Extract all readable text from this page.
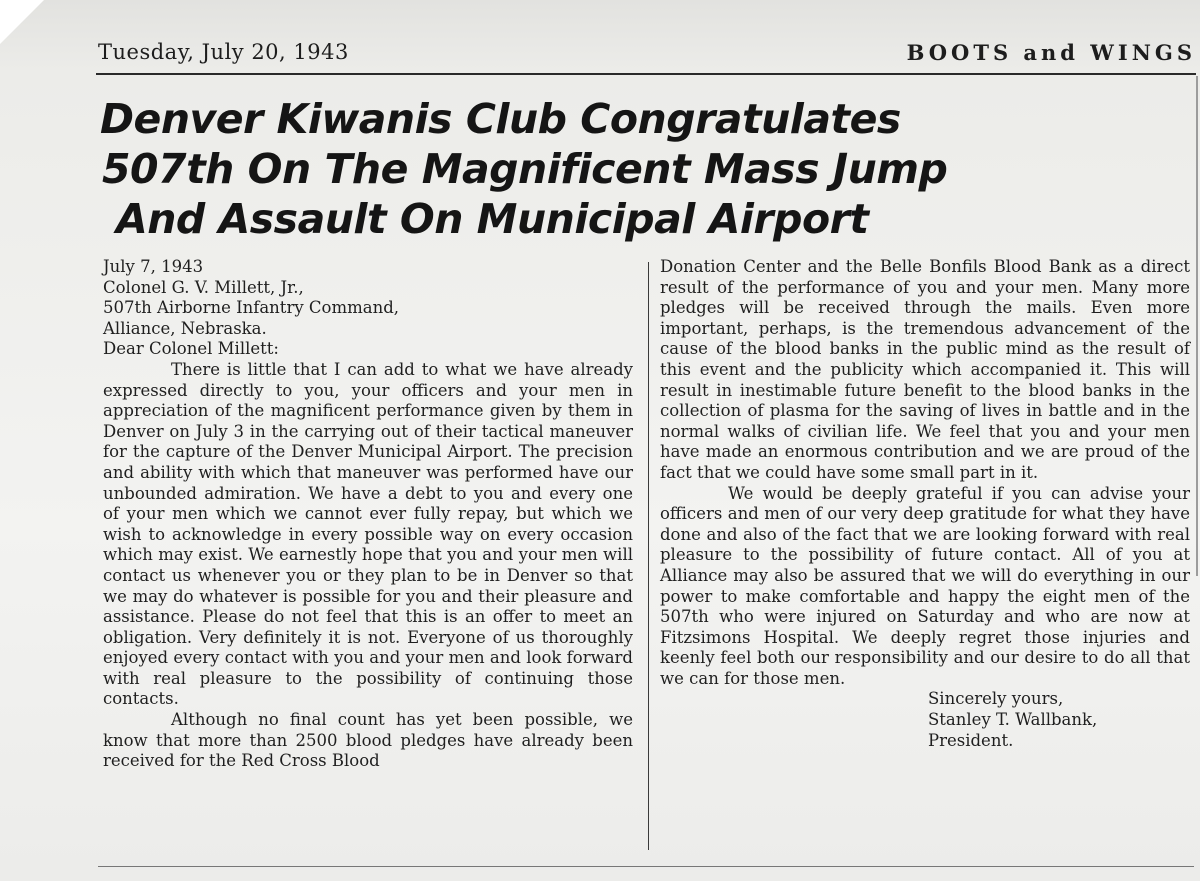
Tuesday, July 20, 1943	BOOTS and WINGS
Denver Kiwanis Club Congratulates
507th On The Magnificent Mass Jump
And Assault On Municipal Airport

July 7, 1943

Colonel G. V. Millett, Jr.,
507th Airborne Infantry Command,
Alliance, Nebraska.
Dear Colonel Millett:

There is little that I can add to what we have already expressed directly to you, your officers and your men in appreciation of the magnificent performance given by them in Denver on July 3 in the carrying out of their tactical maneuver for the capture of the Denver Municipal Airport. The precision and ability with which that maneuver was performed have our unbounded admiration. We have a debt to you and every one of your men which we cannot ever fully repay, but which we wish to acknowledge in every possible way on every occasion which may exist. We earnestly hope that you and your men will contact us whenever you or they plan to be in Denver so that we may do whatever is possible for you and their pleasure and assistance. Please do not feel that this is an offer to meet an obligation. Very definitely it is not. Everyone of us thoroughly enjoyed every contact with you and your men and look forward with real pleasure to the possibility of continuing those contacts.

Although no final count has yet been possible, we know that more than 2500 blood pledges have already been received for the Red Cross Blood

Donation Center and the Belle Bonfils Blood Bank as a direct result of the performance of you and your men. Many more pledges will be received through the mails. Even more important, perhaps, is the tremendous advancement of the cause of the blood banks in the public mind as the result of this event and the publicity which accompanied it. This will result in inestimable future benefit to the blood banks in the collection of plasma for the saving of lives in battle and in the normal walks of civilian life. We feel that you and your men have made an enormous contribution and we are proud of the fact that we could have some small part in it.

We would be deeply grateful if you can advise your officers and men of our very deep gratitude for what they have done and also of the fact that we are looking forward with real pleasure to the possibility of future contact. All of you at Alliance may also be assured that we will do everything in our power to make comfortable and happy the eight men of the 507th who were injured on Saturday and who are now at Fitzsimons Hospital. We deeply regret those injuries and keenly feel both our responsibility and our desire to do all that we can for those men.

Sincerely yours,
Stanley T. Wallbank,
President.
